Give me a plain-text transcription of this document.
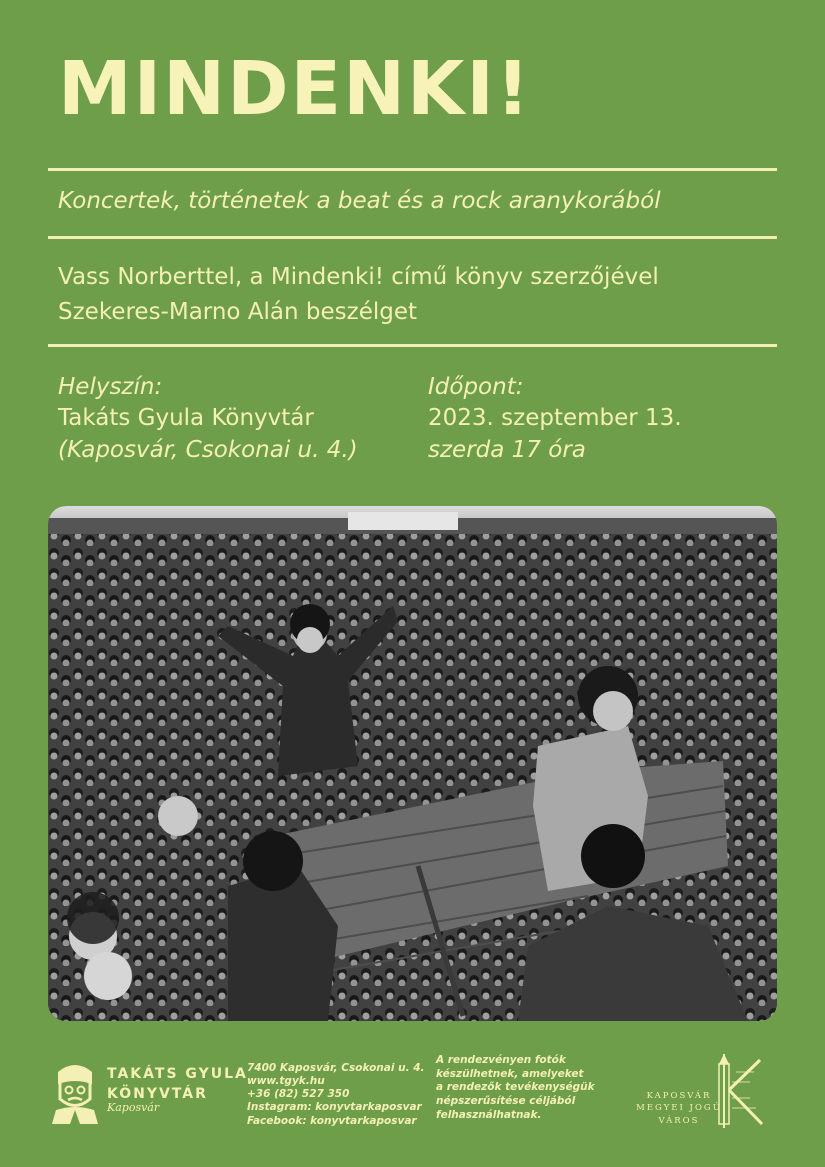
MINDENKI!
Koncertek, történetek a beat és a rock aranykorából
Vass Norberttel, a Mindenki! című könyv szerzőjével
Szekeres-Marno Alán beszélget
Helyszín:
Takáts Gyula Könyvtár
(Kaposvár, Csokonai u. 4.)
Időpont:
2023. szeptember 13.
szerda 17 óra
TAKÁTS GYULA
KÖNYVTÁR
Kaposvár
7400 Kaposvár, Csokonai u. 4.
www.tgyk.hu
+36 (82) 527 350
Instagram: konyvtarkaposvar
Facebook: konyvtarkaposvar
A rendezvényen fotók
készülhetnek, amelyeket
a rendezők tevékenységük
népszerűsítése céljából
felhasználhatnak.
KAPOSVÁR
MEGYEI JOGÚ
VÁROS
